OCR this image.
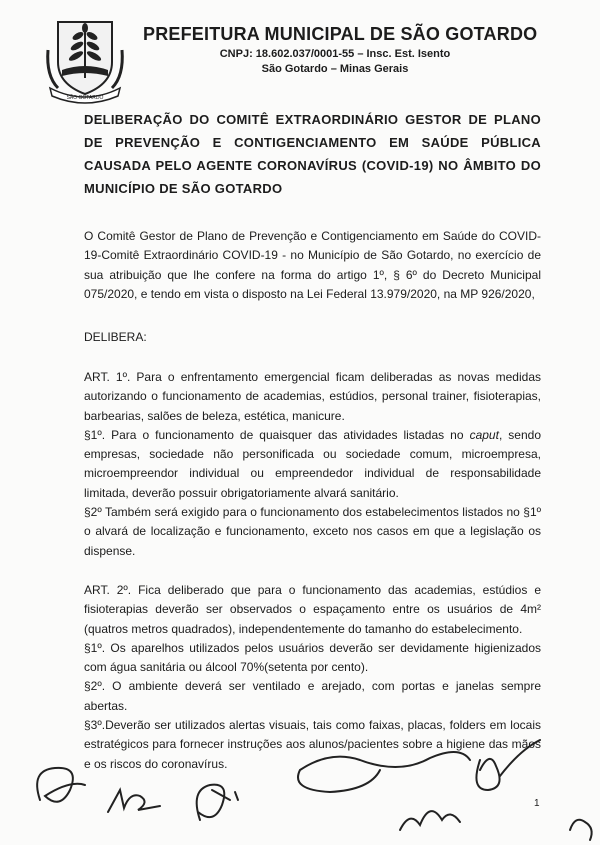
SÃO GOTARDO
PREFEITURA MUNICIPAL DE SÃO GOTARDO
CNPJ: 18.602.037/0001-55 – Insc. Est. Isento
São Gotardo – Minas Gerais
DELIBERAÇÃO DO COMITÊ EXTRAORDINÁRIO GESTOR DE PLANO DE PREVENÇÃO E CONTIGENCIAMENTO EM SAÚDE PÚBLICA CAUSADA PELO AGENTE CORONAVÍRUS (COVID-19) NO ÂMBITO DO MUNICÍPIO DE SÃO GOTARDO
O Comitê Gestor de Plano de Prevenção e Contigenciamento em Saúde do COVID-19-Comitê Extraordinário COVID-19 - no Município de São Gotardo, no exercício de sua atribuição que lhe confere na forma do artigo 1º, § 6º do Decreto Municipal 075/2020, e tendo em vista o disposto na Lei Federal 13.979/2020, na MP 926/2020,
DELIBERA:

ART. 1º. Para o enfrentamento emergencial ficam deliberadas as novas medidas autorizando o funcionamento de academias, estúdios, personal trainer, fisioterapias, barbearias, salões de beleza, estética, manicure.

§1º. Para o funcionamento de quaisquer das atividades listadas no caput, sendo empresas, sociedade não personificada ou sociedade comum, microempresa, microempreendor individual ou empreendedor individual de responsabilidade limitada, deverão possuir obrigatoriamente alvará sanitário.

§2º Também será exigido para o funcionamento dos estabelecimentos listados no §1º o alvará de localização e funcionamento, exceto nos casos em que a legislação os dispense.

ART. 2º. Fica deliberado que para o funcionamento das academias, estúdios e fisioterapias deverão ser observados o espaçamento entre os usuários de 4m² (quatros metros quadrados), independentemente do tamanho do estabelecimento.

§1º. Os aparelhos utilizados pelos usuários deverão ser devidamente higienizados com água sanitária ou álcool 70%(setenta por cento).

§2º. O ambiente deverá ser ventilado e arejado, com portas e janelas sempre abertas.

§3º.Deverão ser utilizados alertas visuais, tais como faixas, placas, folders em locais estratégicos para fornecer instruções aos alunos/pacientes sobre a higiene das mãos e os riscos do coronavírus.

1
